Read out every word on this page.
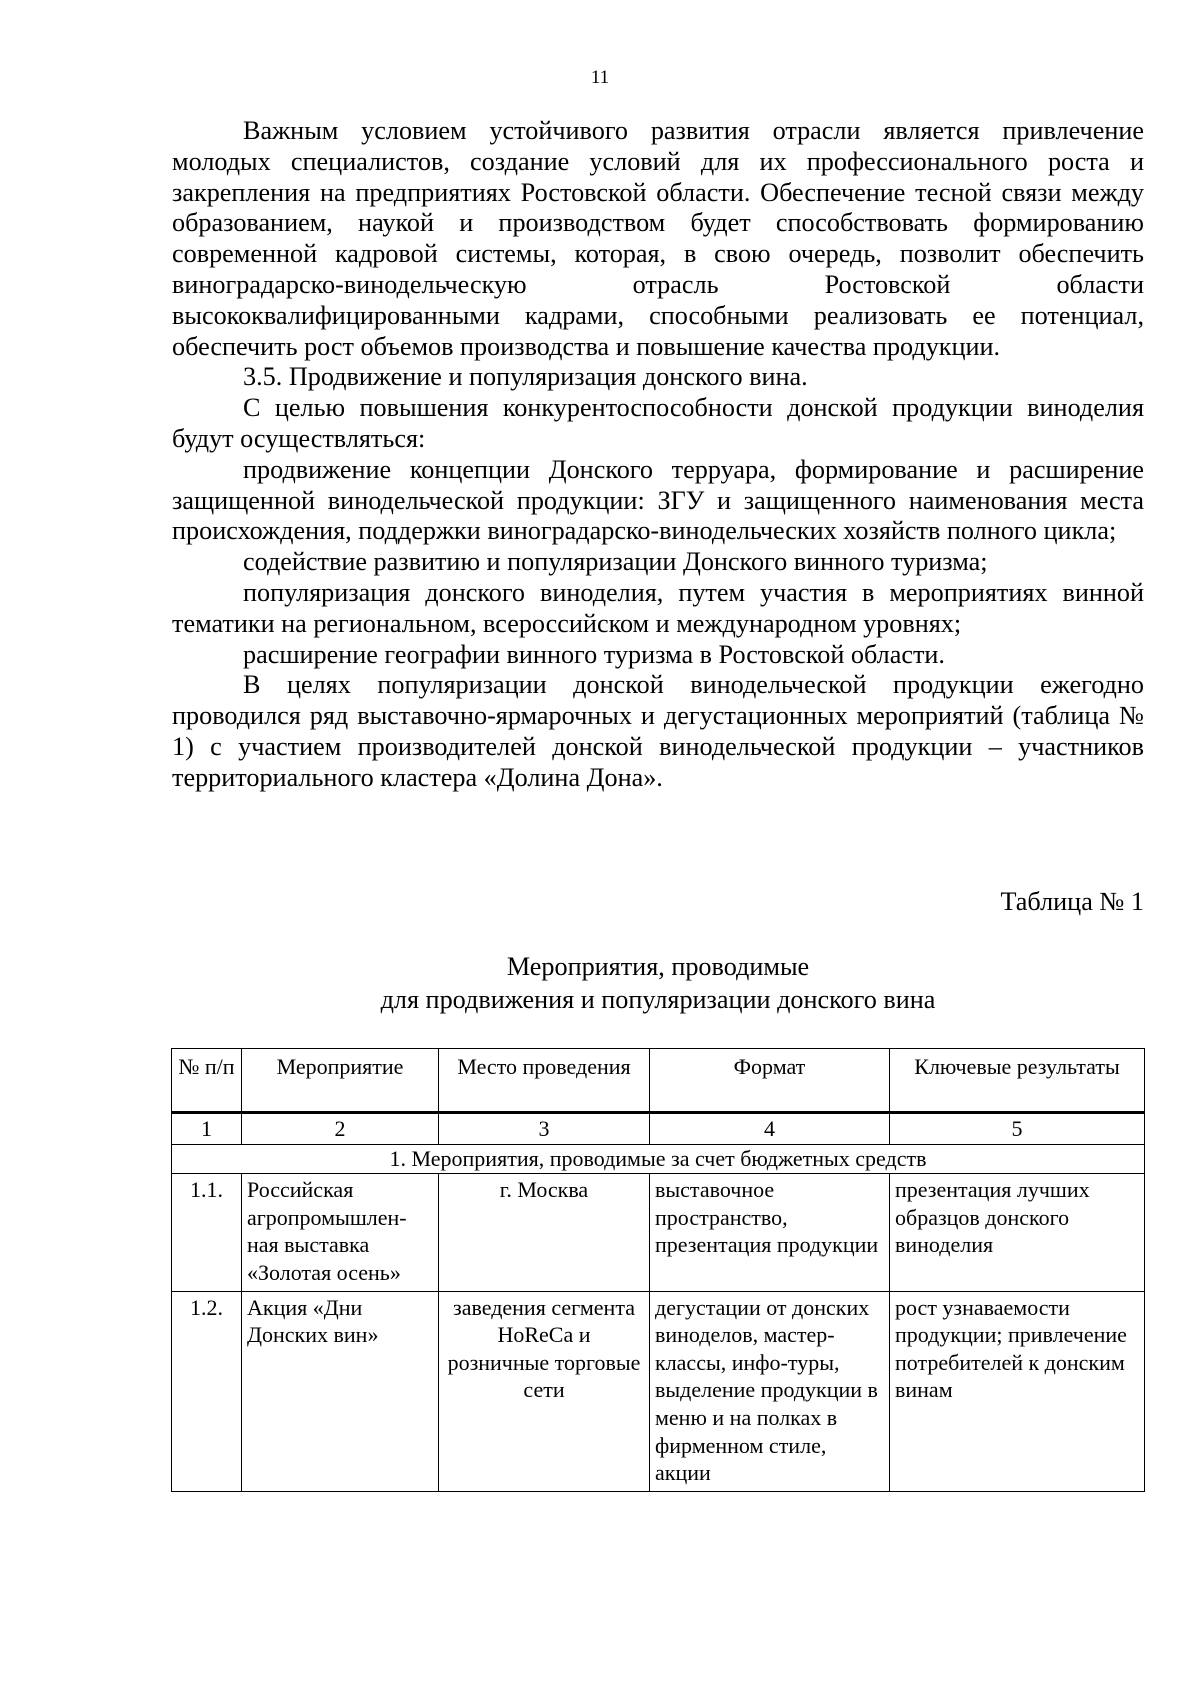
11

Важным условием устойчивого развития отрасли является привлечение молодых специалистов, создание условий для их профессионального роста и закрепления на предприятиях Ростовской области. Обеспечение тесной связи между образованием, наукой и производством будет способствовать формированию современной кадровой системы, которая, в свою очередь, позволит обеспечить виноградарско-винодельческую отрасль Ростовской области высококвалифицированными кадрами, способными реализовать ее потенциал, обеспечить рост объемов производства и повышение качества продукции.

3.5. Продвижение и популяризация донского вина.

С целью повышения конкурентоспособности донской продукции виноделия будут осуществляться:

продвижение концепции Донского терруара, формирование и расширение защищенной винодельческой продукции: ЗГУ и защищенного наименования места происхождения, поддержки виноградарско-винодельческих хозяйств полного цикла;

содействие развитию и популяризации Донского винного туризма;

популяризация донского виноделия, путем участия в мероприятиях винной тематики на региональном, всероссийском и международном уровнях;

расширение географии винного туризма в Ростовской области.

В целях популяризации донской винодельческой продукции ежегодно проводился ряд выставочно-ярмарочных и дегустационных мероприятий (таблица № 1) с участием производителей донской винодельческой продукции – участников территориального кластера «Долина Дона».

Таблица № 1
Мероприятия, проводимые
для продвижения и популяризации донского вина
№ п/п	Мероприятие	Место проведения	Формат	Ключевые результаты
1	2	3	4	5
1. Мероприятия, проводимые за счет бюджетных средств				
1.1.	Российская агропромышлен-ная выставка «Золотая осень»	г. Москва	выставочное пространство, презентация продукции	презентация лучших образцов донского виноделия
1.2.	Акция «Дни Донских вин»	заведения сегмента HoReCa и розничные торговые сети	дегустации от донских виноделов, мастер-классы, инфо-туры, выделение продукции в меню и на полках в фирменном стиле, акции	рост узнаваемости продукции; привлечение потребителей к донским винам
